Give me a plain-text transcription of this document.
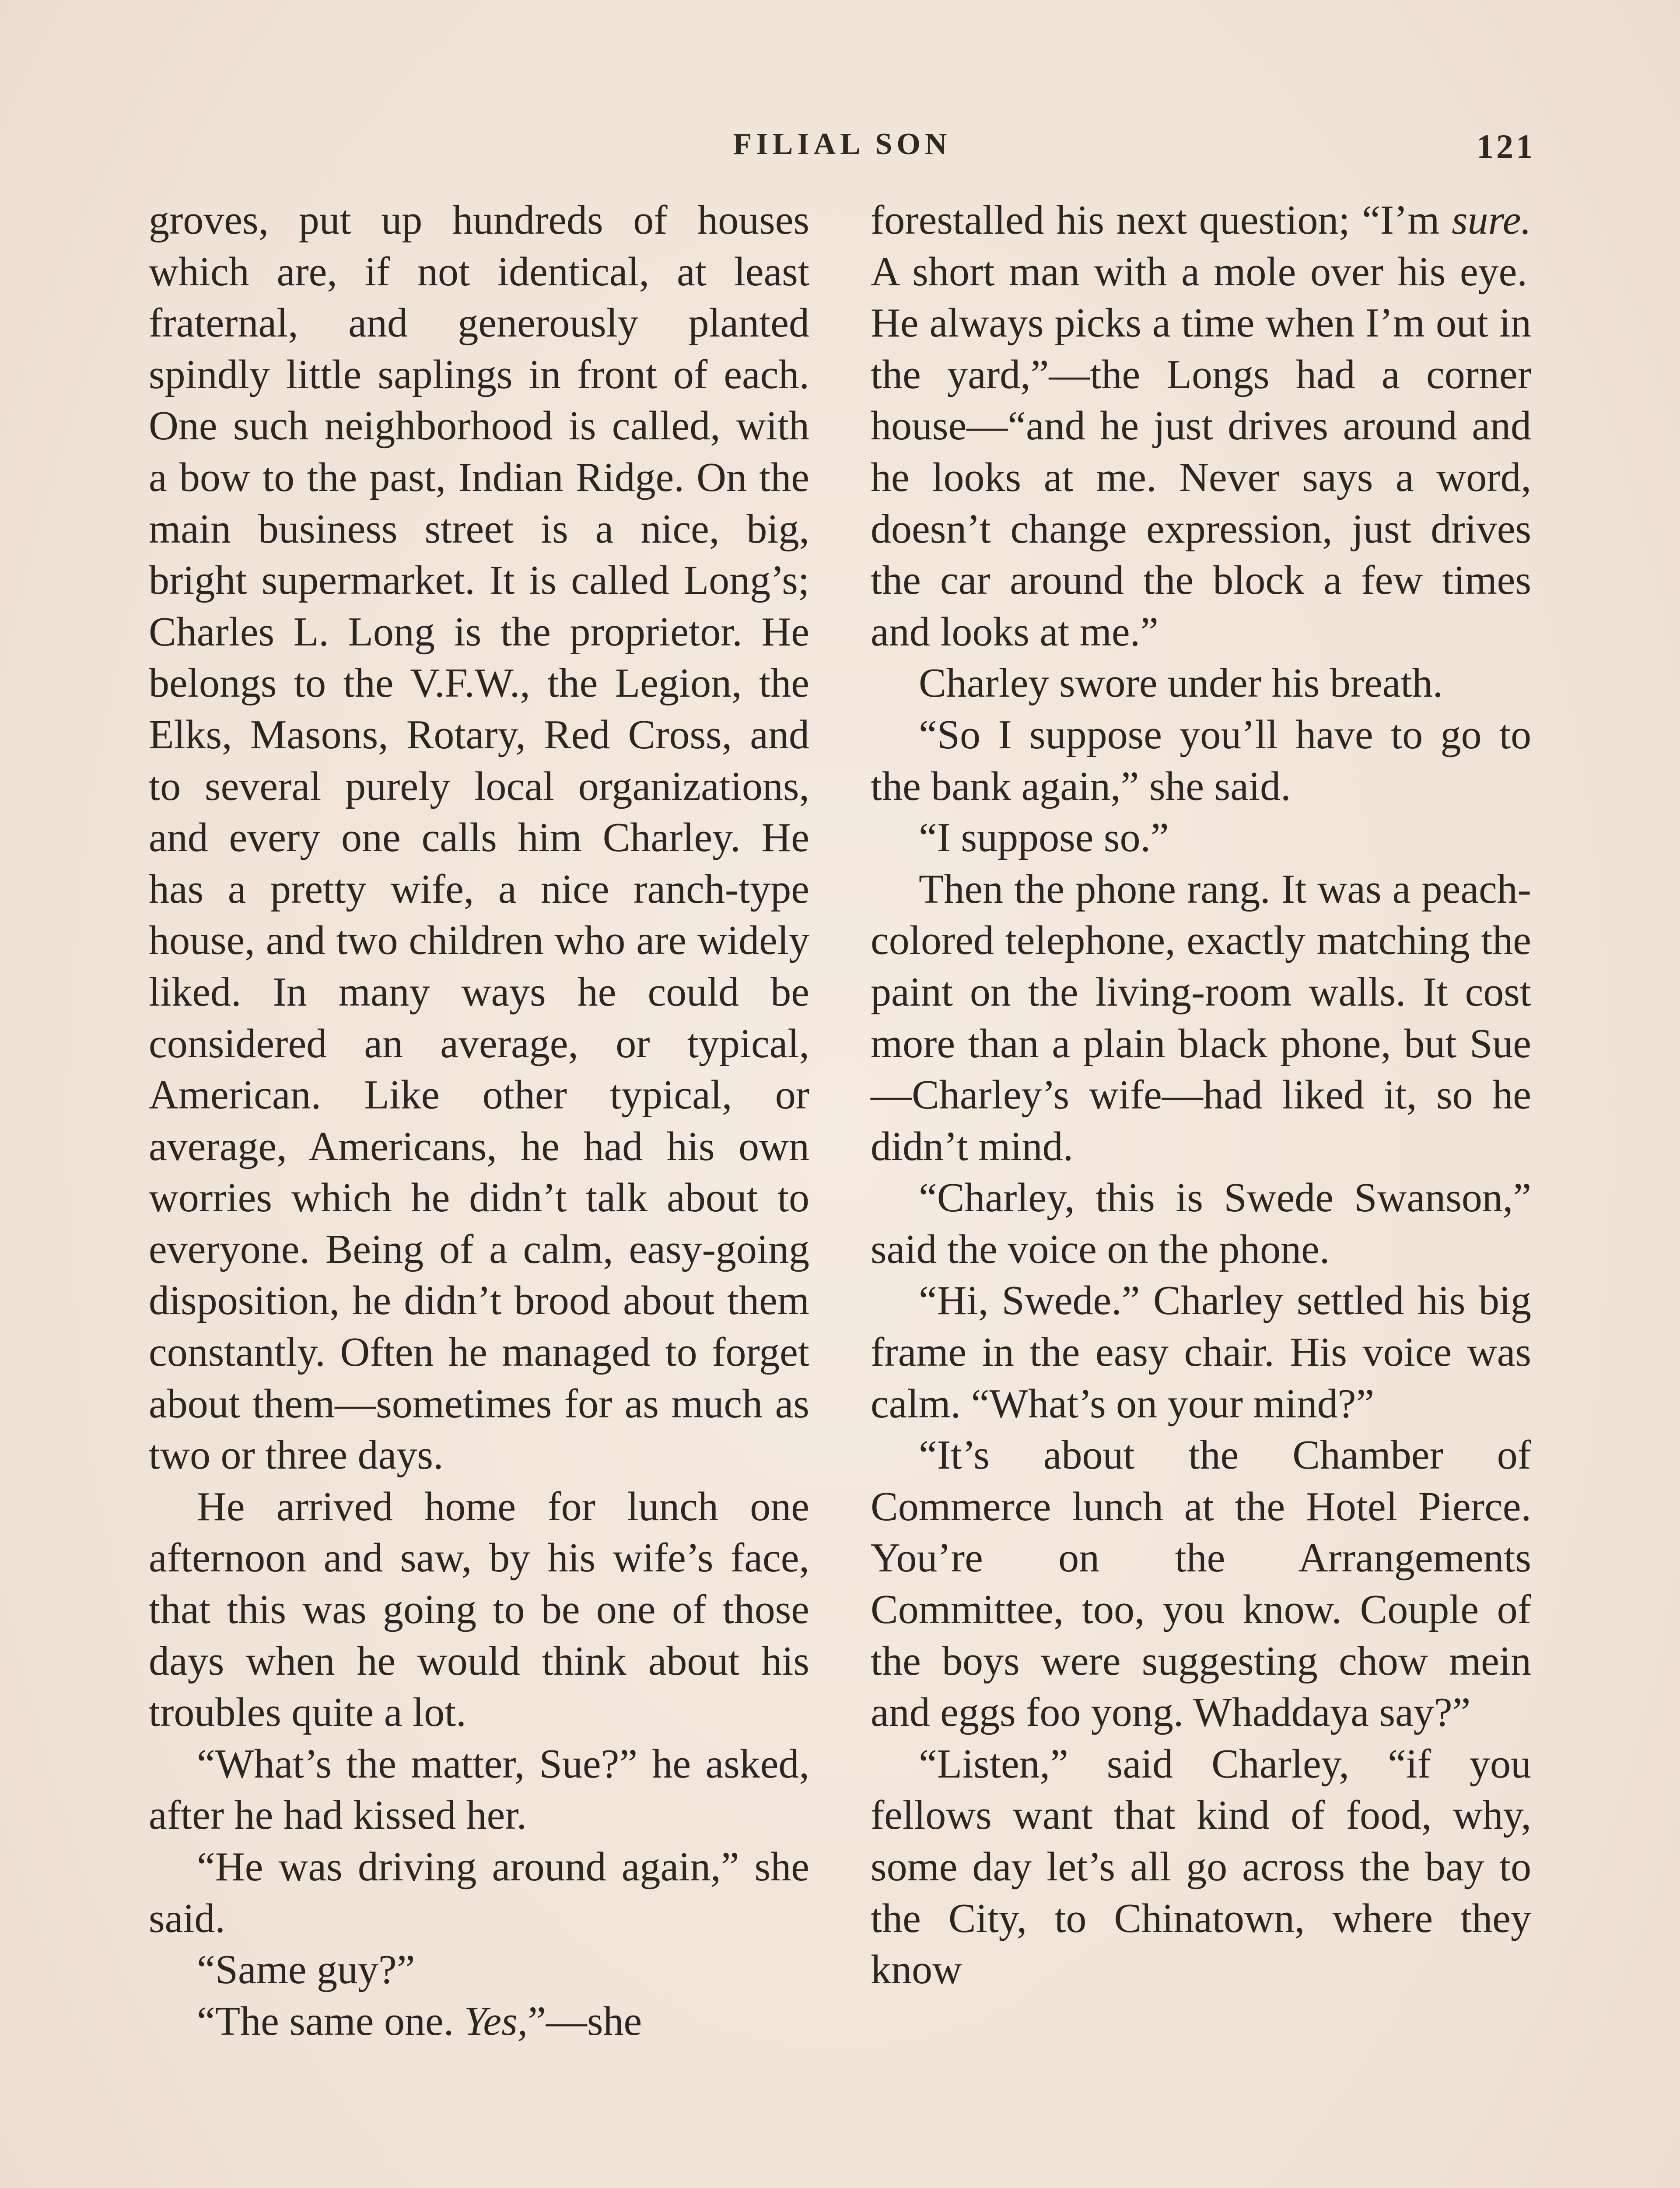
FILIAL SON	121

groves, put up hundreds of houses which are, if not identical, at least fraternal, and generously planted spindly little saplings in front of each. One such neighborhood is called, with a bow to the past, Indian Ridge. On the main business street is a nice, big, bright supermarket. It is called Long’s; Charles L. Long is the proprietor. He belongs to the V.F.W., the Legion, the Elks, Masons, Rotary, Red Cross, and to several purely local organizations, and every one calls him Charley. He has a pretty wife, a nice ranch-type house, and two children who are widely liked. In many ways he could be considered an average, or typical, American. Like other typical, or average, Americans, he had his own worries which he didn’t talk about to everyone. Being of a calm, easy-going disposition, he didn’t brood about them constantly. Often he managed to forget about them—sometimes for as much as two or three days.

He arrived home for lunch one afternoon and saw, by his wife’s face, that this was going to be one of those days when he would think about his troubles quite a lot.

“What’s the matter, Sue?” he asked, after he had kissed her.

“He was driving around again,” she said.

“Same guy?”

“The same one. Yes,”—she

forestalled his next question; “I’m sure. A short man with a mole over his eye. He always picks a time when I’m out in the yard,”—the Longs had a corner house—“and he just drives around and he looks at me. Never says a word, doesn’t change expression, just drives the car around the block a few times and looks at me.”

Charley swore under his breath.

“So I suppose you’ll have to go to the bank again,” she said.

“I suppose so.”

Then the phone rang. It was a peach-colored telephone, exactly matching the paint on the living-room walls. It cost more than a plain black phone, but Sue—Charley’s wife—had liked it, so he didn’t mind.

“Charley, this is Swede Swanson,” said the voice on the phone.

“Hi, Swede.” Charley settled his big frame in the easy chair. His voice was calm. “What’s on your mind?”

“It’s about the Chamber of Commerce lunch at the Hotel Pierce. You’re on the Arrangements Committee, too, you know. Couple of the boys were suggesting chow mein and eggs foo yong. Whaddaya say?”

“Listen,” said Charley, “if you fellows want that kind of food, why, some day let’s all go across the bay to the City, to Chinatown, where they know
